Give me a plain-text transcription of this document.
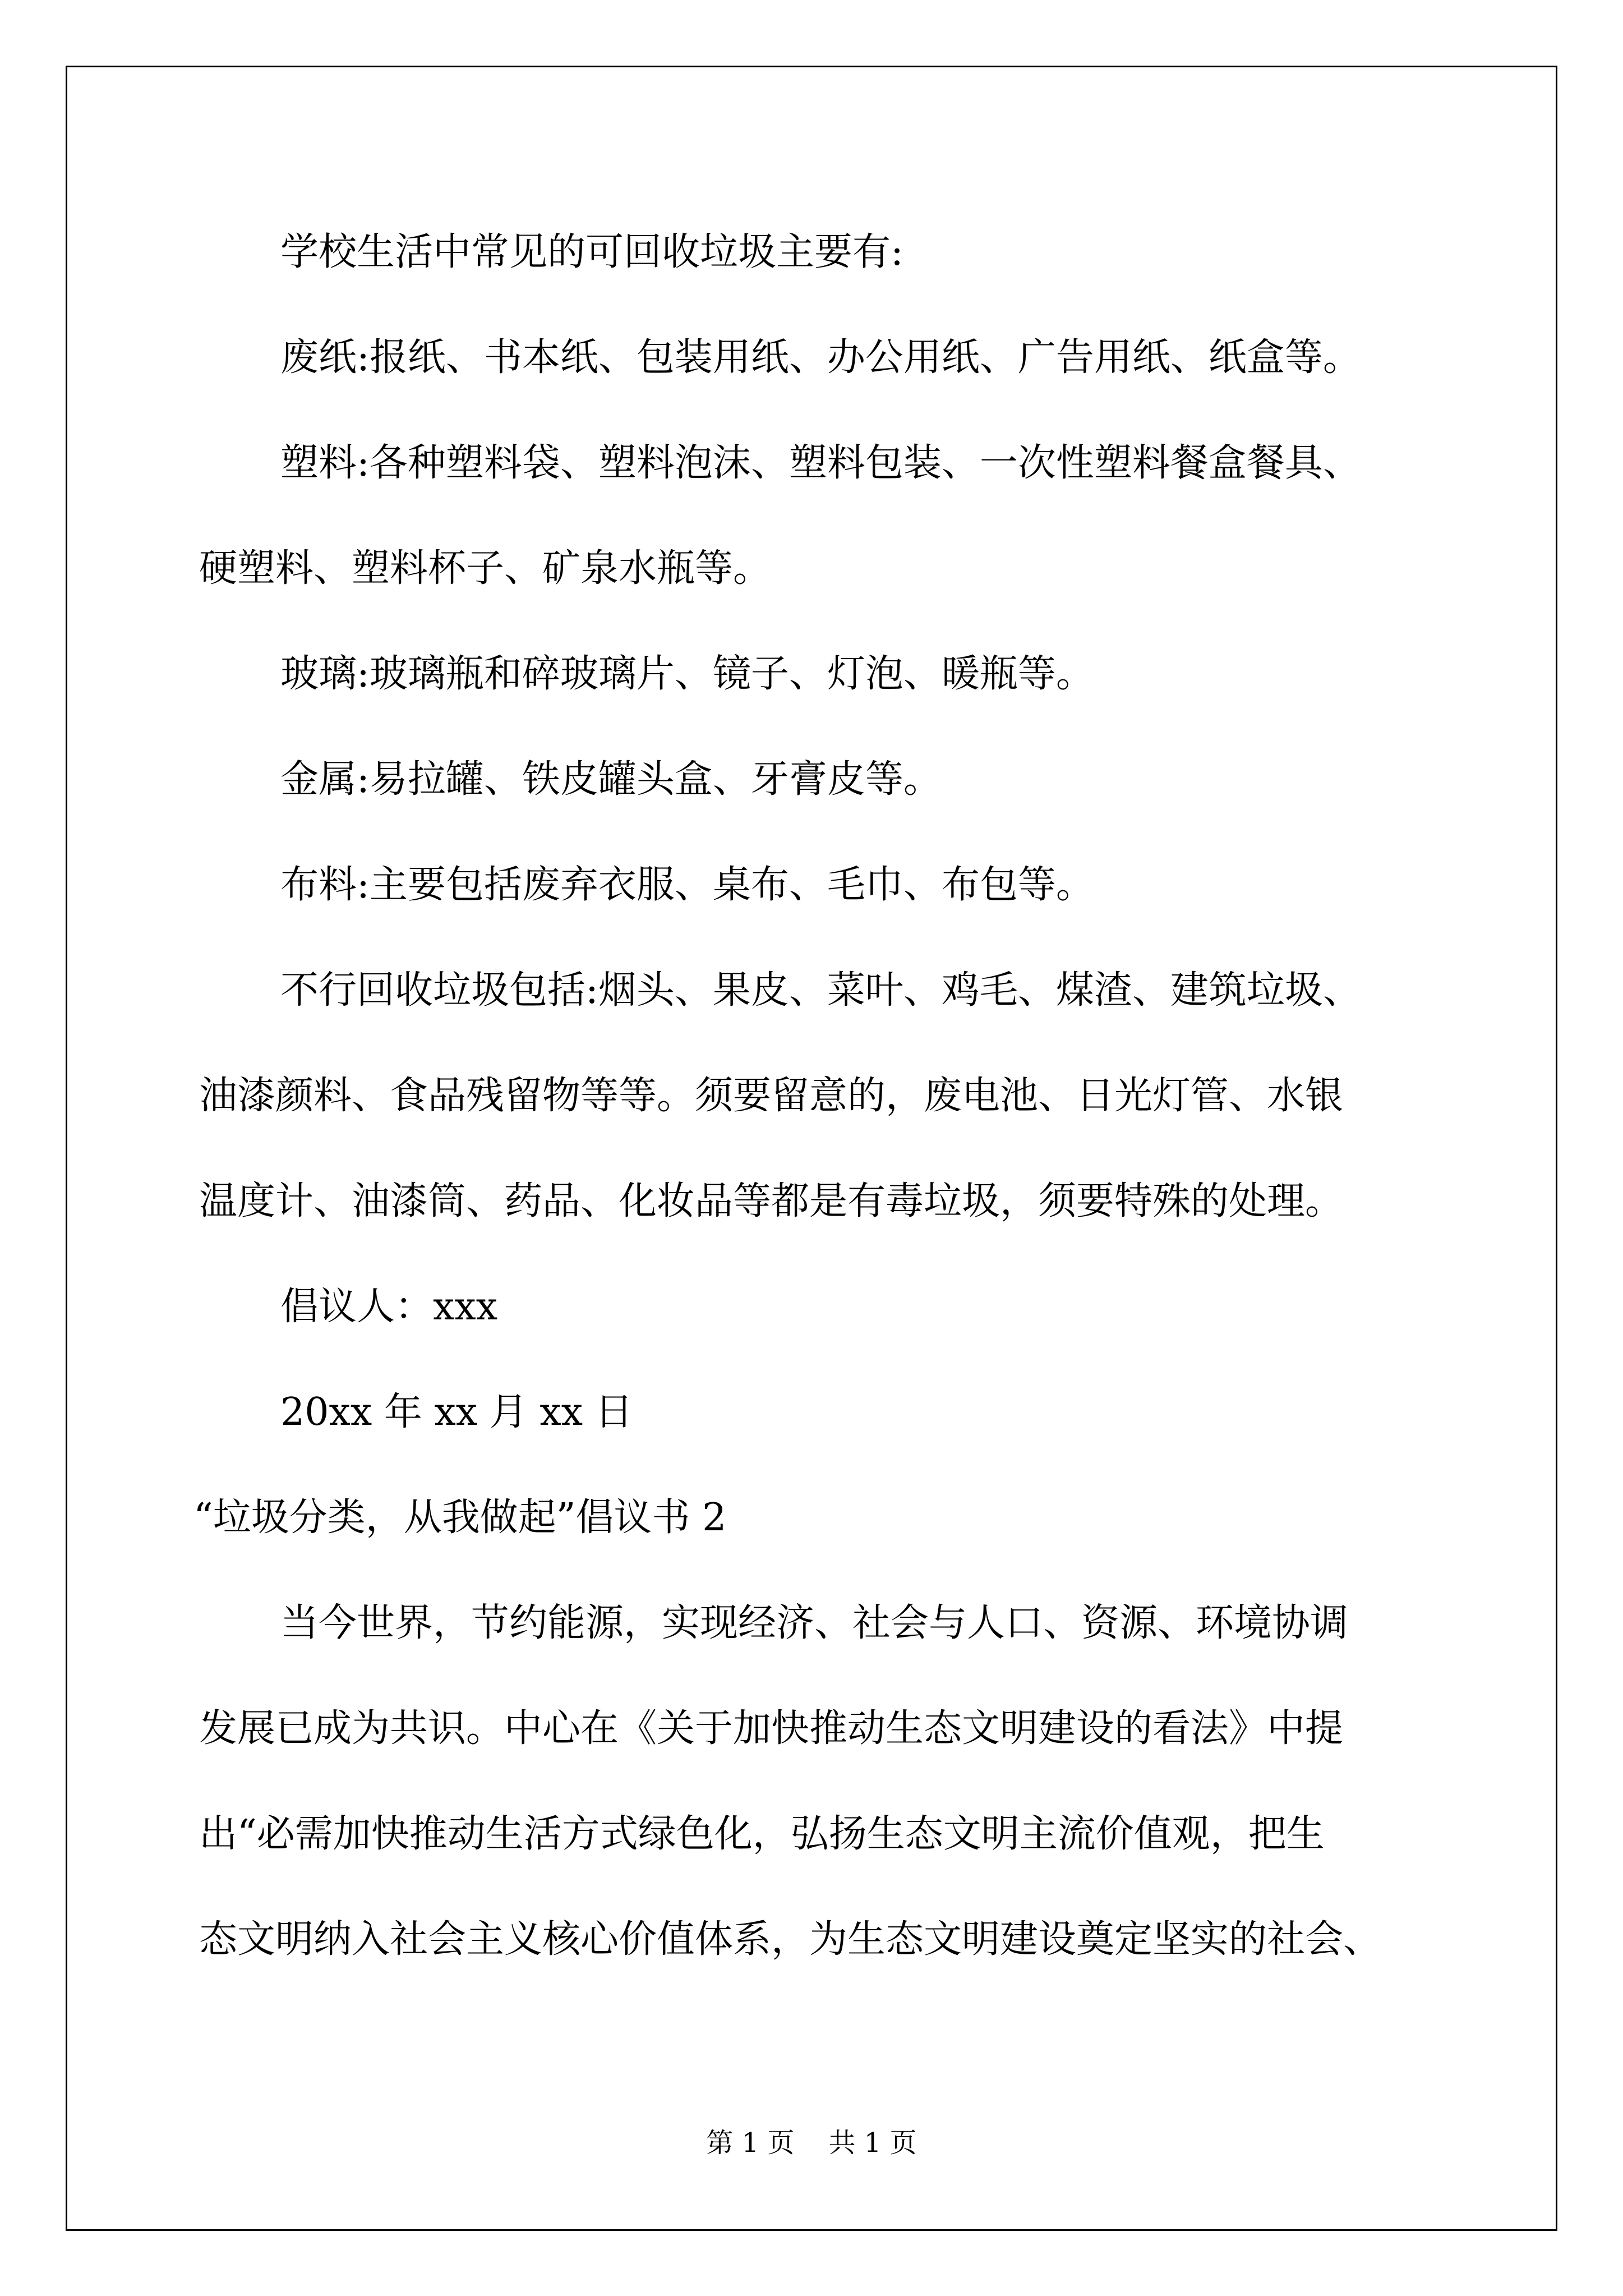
学校生活中常见的可回收垃圾主要有:

废纸:报纸、书本纸、包装用纸、办公用纸、广告用纸、纸盒等。

塑料:各种塑料袋、塑料泡沫、塑料包装、一次性塑料餐盒餐具、

硬塑料、塑料杯子、矿泉水瓶等。

玻璃:玻璃瓶和碎玻璃片、镜子、灯泡、暖瓶等。

金属:易拉罐、铁皮罐头盒、牙膏皮等。

布料:主要包括废弃衣服、桌布、毛巾、布包等。

不行回收垃圾包括:烟头、果皮、菜叶、鸡毛、煤渣、建筑垃圾、

油漆颜料、食品残留物等等。须要留意的，废电池、日光灯管、水银

温度计、油漆筒、药品、化妆品等都是有毒垃圾，须要特殊的处理。

倡议人：xxx

20xx 年 xx 月 xx 日

“垃圾分类，从我做起”倡议书 2

当今世界，节约能源，实现经济、社会与人口、资源、环境协调

发展已成为共识。中心在《关于加快推动生态文明建设的看法》中提

出“必需加快推动生活方式绿色化，弘扬生态文明主流价值观，把生

态文明纳入社会主义核心价值体系，为生态文明建设奠定坚实的社会、

第 1 页    共 1 页
